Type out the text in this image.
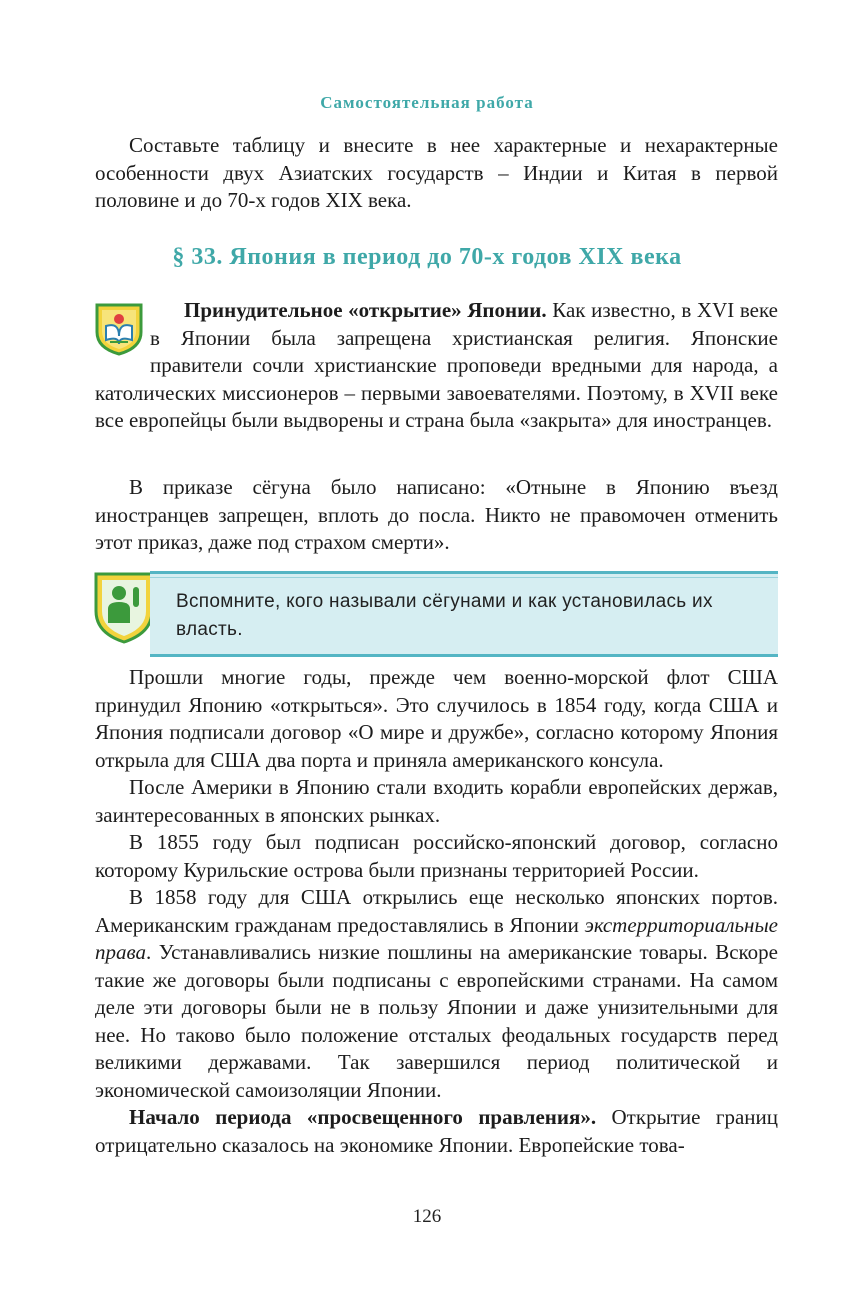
Самостоятельная работа

Составьте таблицу и внесите в нее характерные и нехарактерные особенности двух Азиатских государств – Индии и Китая в первой половине и до 70-х годов XIX века.

§ 33. Япония в период до 70-х годов XIX века

Принудительное «открытие» Японии. Как известно, в XVI веке в Японии была запрещена христианская религия. Японские правители сочли христианские проповеди вредными для народа, а католических миссионеров – первыми завоевателями. Поэтому, в XVII веке все европейцы были выдворены и страна была «закрыта» для иностранцев.

В приказе сёгуна было написано: «Отныне в Японию въезд иностранцев запрещен, вплоть до посла. Никто не правомочен отменить этот приказ, даже под страхом смерти».

Вспомните, кого называли сёгунами и как установилась их власть.

Прошли многие годы, прежде чем военно-морской флот США принудил Японию «открыться». Это случилось в 1854 году, когда США и Япония подписали договор «О мире и дружбе», согласно которому Япония открыла для США два порта и приняла американского консула.

После Америки в Японию стали входить корабли европейских держав, заинтересованных в японских рынках.

В 1855 году был подписан российско-японский договор, согласно которому Курильские острова были признаны территорией России.

В 1858 году для США открылись еще несколько японских портов. Американским гражданам предоставлялись в Японии экстерриториальные права. Устанавливались низкие пошлины на американские товары. Вскоре такие же договоры были подписаны с европейскими странами. На самом деле эти договоры были не в пользу Японии и даже унизительными для нее. Но таково было положение отсталых феодальных государств перед великими державами. Так завершился период политической и экономической самоизоляции Японии.

Начало периода «просвещенного правления». Открытие границ отрицательно сказалось на экономике Японии. Европейские това-

126
